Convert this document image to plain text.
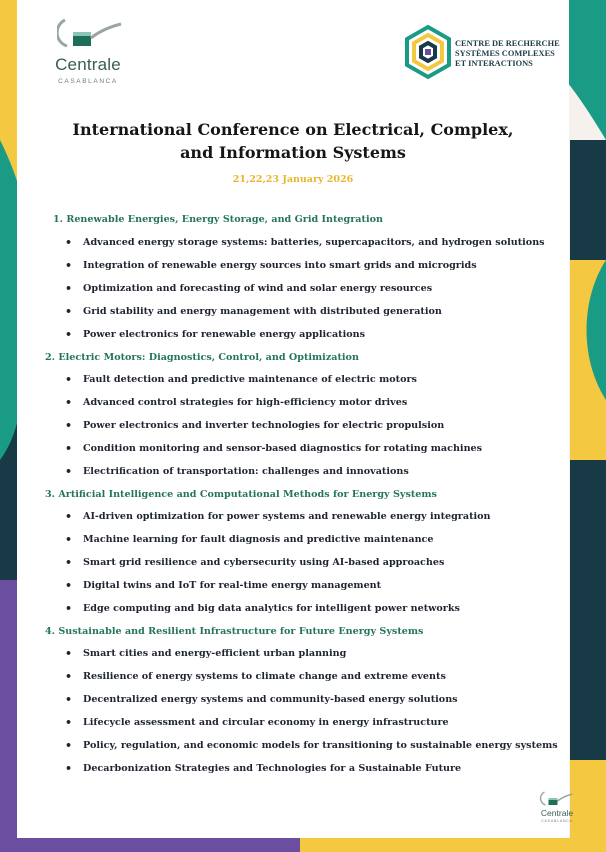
Centrale
CASABLANCA
CENTRE DE RECHERCHE
SYSTÈMES COMPLEXES
ET INTERACTIONS
International Conference on Electrical, Complex,
and Information Systems
21,22,23 January 2026
1. Renewable Energies, Energy Storage, and Grid Integration
• Advanced energy storage systems: batteries, supercapacitors, and hydrogen solutions
• Integration of renewable energy sources into smart grids and microgrids
• Optimization and forecasting of wind and solar energy resources
• Grid stability and energy management with distributed generation
• Power electronics for renewable energy applications
2. Electric Motors: Diagnostics, Control, and Optimization
• Fault detection and predictive maintenance of electric motors
• Advanced control strategies for high-efficiency motor drives
• Power electronics and inverter technologies for electric propulsion
• Condition monitoring and sensor-based diagnostics for rotating machines
• Electrification of transportation: challenges and innovations
3. Artificial Intelligence and Computational Methods for Energy Systems
• AI-driven optimization for power systems and renewable energy integration
• Machine learning for fault diagnosis and predictive maintenance
• Smart grid resilience and cybersecurity using AI-based approaches
• Digital twins and IoT for real-time energy management
• Edge computing and big data analytics for intelligent power networks
4. Sustainable and Resilient Infrastructure for Future Energy Systems
• Smart cities and energy-efficient urban planning
• Resilience of energy systems to climate change and extreme events
• Decentralized energy systems and community-based energy solutions
• Lifecycle assessment and circular economy in energy infrastructure
• Policy, regulation, and economic models for transitioning to sustainable energy systems
• Decarbonization Strategies and Technologies for a Sustainable Future
Centrale
CASABLANCA
